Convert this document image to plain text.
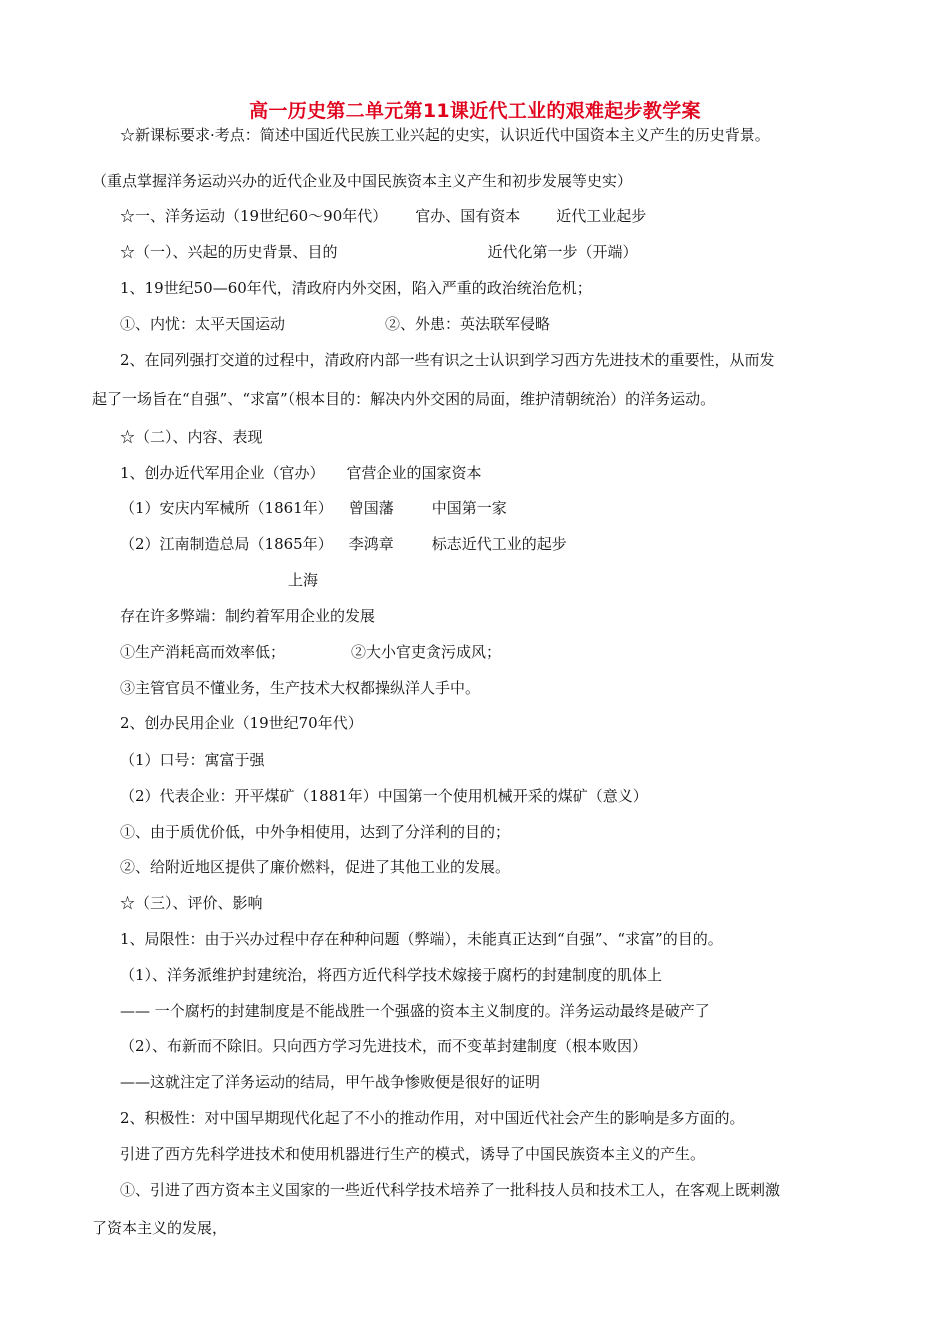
高一历史第二单元第11课近代工业的艰难起步教学案
☆新课标要求·考点：简述中国近代民族工业兴起的史实，认识近代中国资本主义产生的历史背景。
（重点掌握洋务运动兴办的近代企业及中国民族资本主义产生和初步发展等史实）
☆一、洋务运动（19世纪60～90年代） 官办、国有资本 近代工业起步
☆（一）、兴起的历史背景、目的	近代化第一步（开端）
1、19世纪50—60年代，清政府内外交困，陷入严重的政治统治危机；
①、内忧：太平天国运动	②、外患：英法联军侵略
2、在同列强打交道的过程中，清政府内部一些有识之士认识到学习西方先进技术的重要性，从而发
起了一场旨在“自强”、“求富”（根本目的：解决内外交困的局面，维护清朝统治）的洋务运动。
☆（二）、内容、表现
1、创办近代军用企业（官办） 官营企业的国家资本
（1）安庆内军械所（1861年） 曾国藩	中国第一家
（2）江南制造总局（1865年） 李鸿章	标志近代工业的起步
上海
存在许多弊端：制约着军用企业的发展
①生产消耗高而效率低；	②大小官吏贪污成风；
③主管官员不懂业务，生产技术大权都操纵洋人手中。
2、创办民用企业（19世纪70年代）
（1）口号：寓富于强
（2）代表企业：开平煤矿（1881年）中国第一个使用机械开采的煤矿（意义）
①、由于质优价低，中外争相使用，达到了分洋利的目的；
②、给附近地区提供了廉价燃料，促进了其他工业的发展。
☆（三）、评价、影响
1、局限性：由于兴办过程中存在种种问题（弊端），未能真正达到“自强”、“求富”的目的。
（1）、洋务派维护封建统治，将西方近代科学技术嫁接于腐朽的封建制度的肌体上
—— 一个腐朽的封建制度是不能战胜一个强盛的资本主义制度的。洋务运动最终是破产了
（2）、布新而不除旧。只向西方学习先进技术，而不变革封建制度（根本败因）
——这就注定了洋务运动的结局，甲午战争惨败便是很好的证明
2、积极性：对中国早期现代化起了不小的推动作用，对中国近代社会产生的影响是多方面的。
引进了西方先科学进技术和使用机器进行生产的模式，诱导了中国民族资本主义的产生。
①、引进了西方资本主义国家的一些近代科学技术培养了一批科技人员和技术工人，在客观上既刺激
了资本主义的发展，
